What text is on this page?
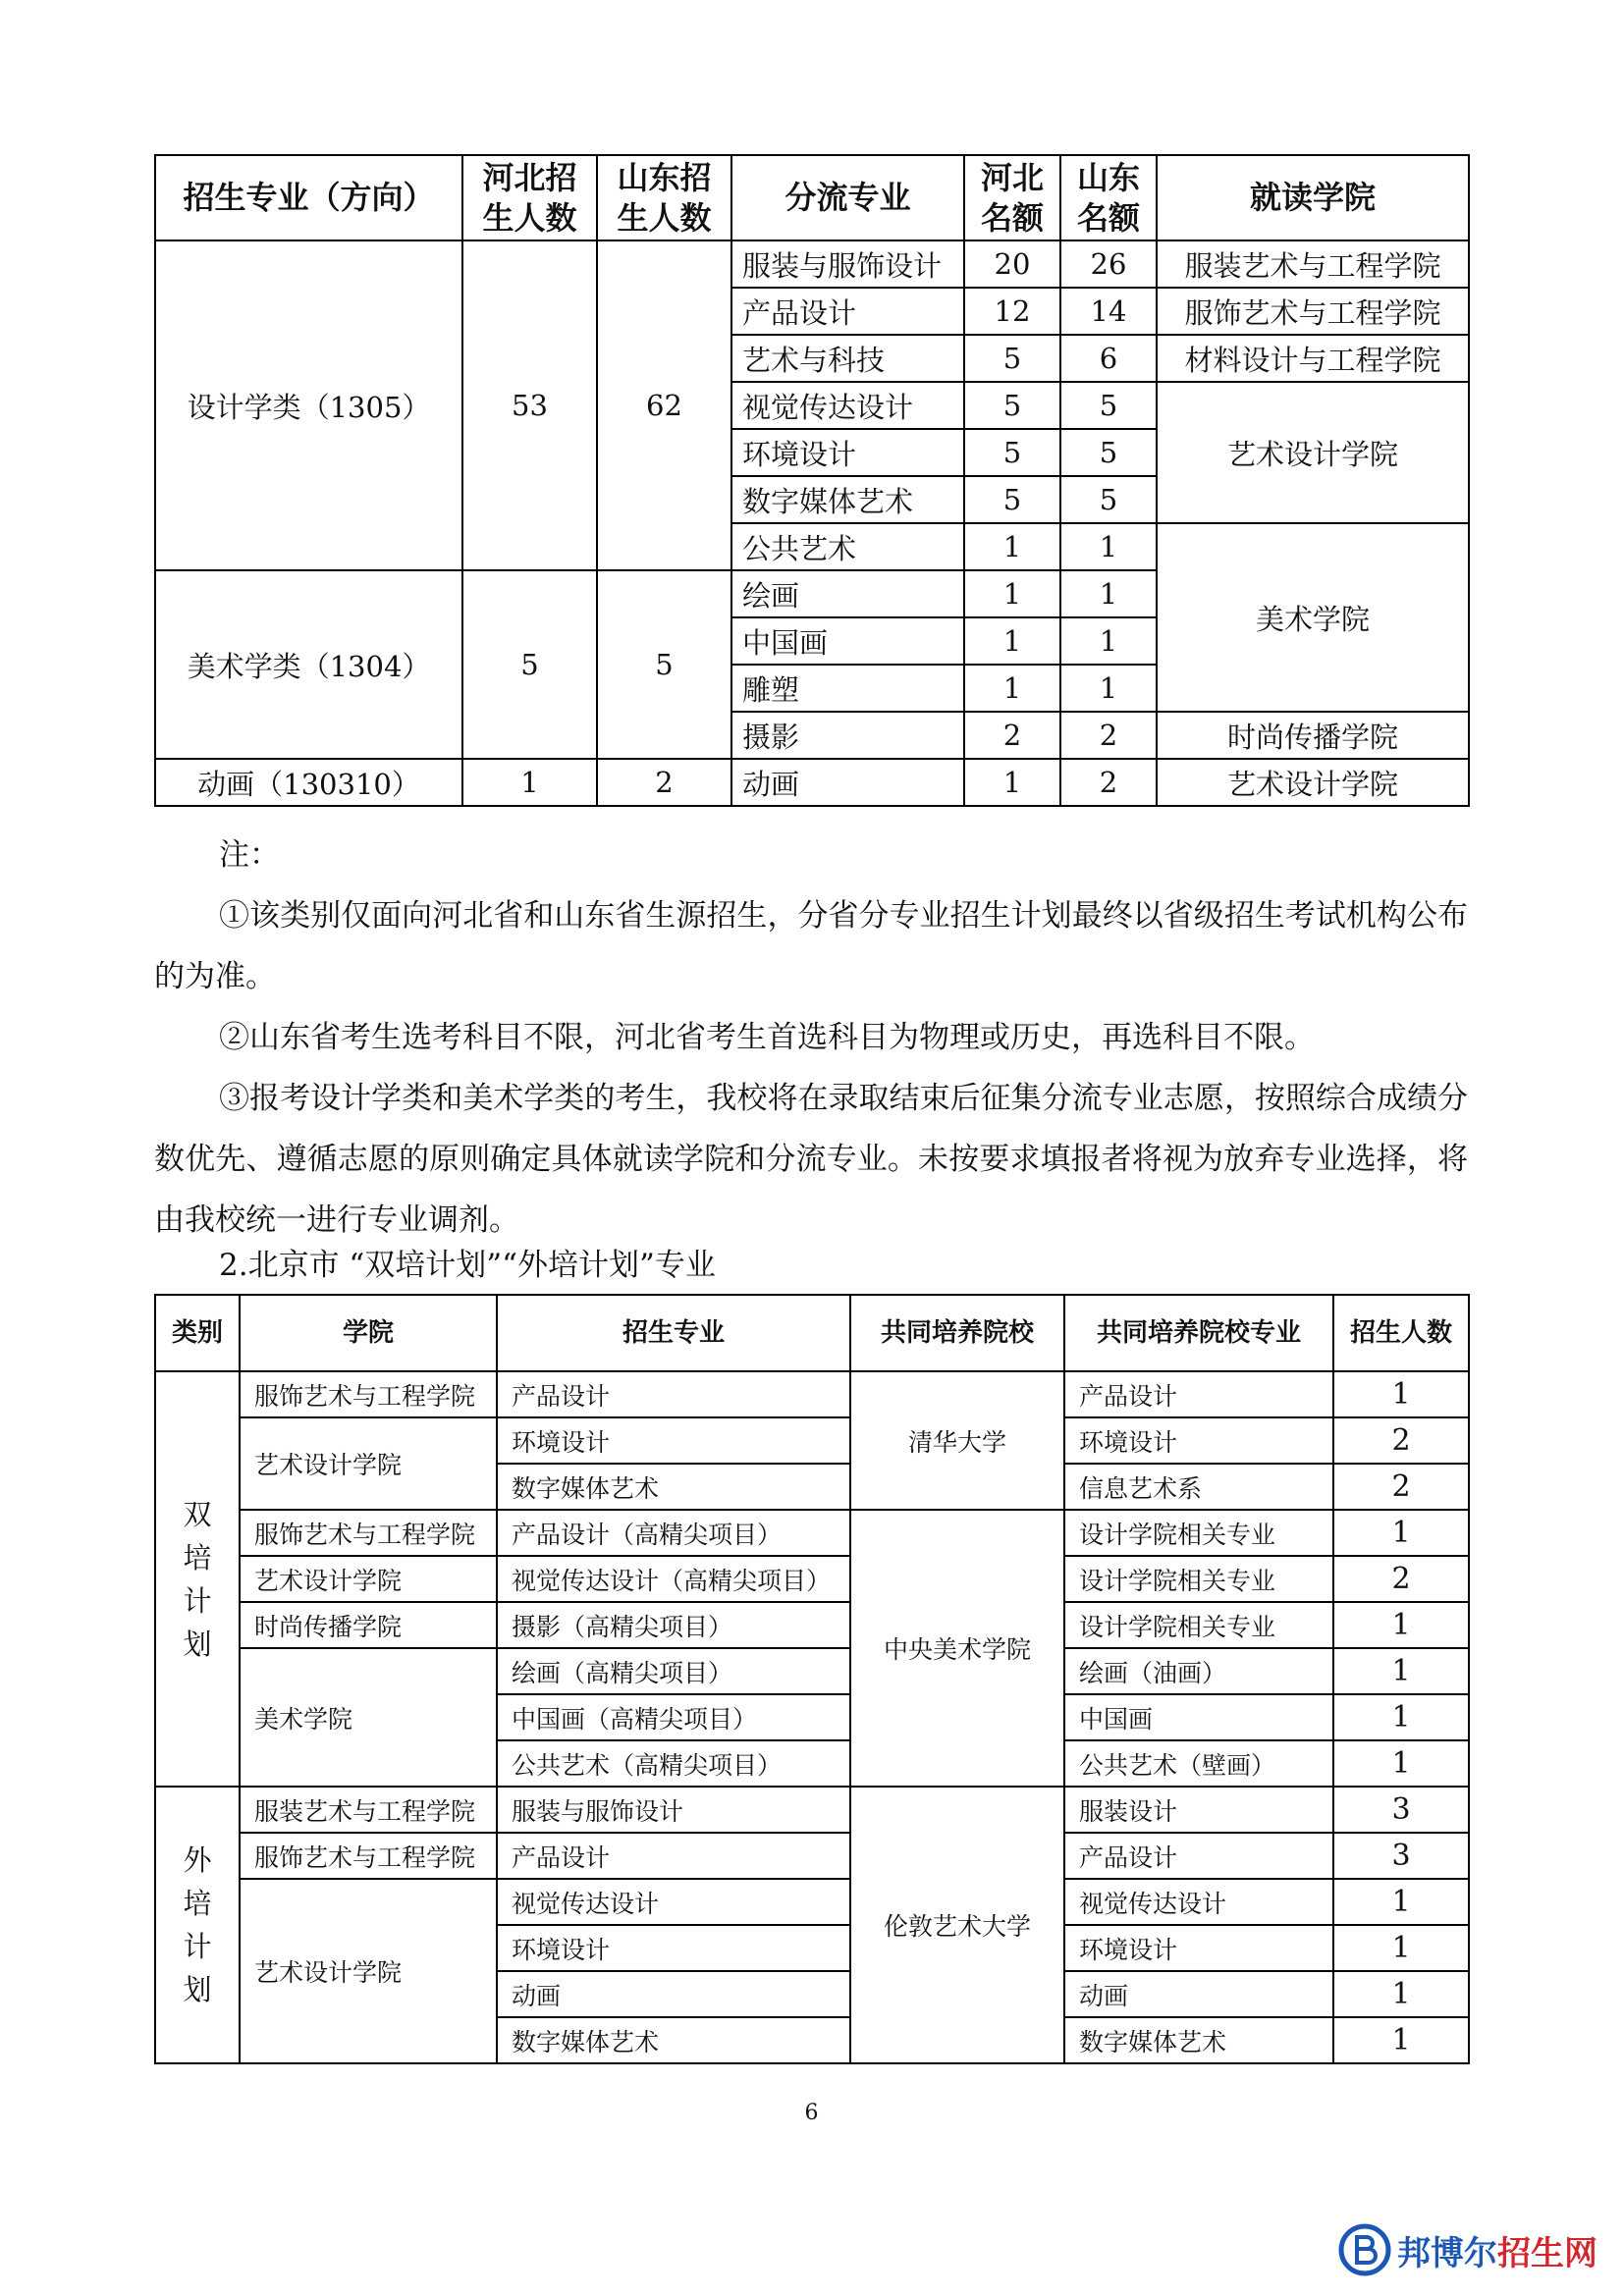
招生专业（方向）	河北招生人数	山东招生人数	分流专业	河北名额	山东名额	就读学院
设计学类（1305）	53	62	服装与服饰设计	20	26	服装艺术与工程学院
			产品设计	12	14	服饰艺术与工程学院
			艺术与科技	5	6	材料设计与工程学院
			视觉传达设计	5	5	艺术设计学院
			环境设计	5	5	
			数字媒体艺术	5	5	
			公共艺术	1	1	美术学院
美术学类（1304）	5	5	绘画	1	1	
			中国画	1	1	
			雕塑	1	1	
			摄影	2	2	时尚传播学院
动画（130310）	1	2	动画	1	2	艺术设计学院
注：
①该类别仅面向河北省和山东省生源招生，分省分专业招生计划最终以省级招生考试机构公布的为准。
②山东省考生选考科目不限，河北省考生首选科目为物理或历史，再选科目不限。
③报考设计学类和美术学类的考生，我校将在录取结束后征集分流专业志愿，按照综合成绩分数优先、遵循志愿的原则确定具体就读学院和分流专业。未按要求填报者将视为放弃专业选择，将由我校统一进行专业调剂。
2.北京市 “双培计划”“外培计划”专业
类别	学院	招生专业	共同培养院校	共同培养院校专业	招生人数
双培计划	服饰艺术与工程学院	产品设计	清华大学	产品设计	1
	艺术设计学院	环境设计		环境设计	2
		数字媒体艺术		信息艺术系	2
	服饰艺术与工程学院	产品设计（高精尖项目）	中央美术学院	设计学院相关专业	1
	艺术设计学院	视觉传达设计（高精尖项目）		设计学院相关专业	2
	时尚传播学院	摄影（高精尖项目）		设计学院相关专业	1
	美术学院	绘画（高精尖项目）		绘画（油画）	1
		中国画（高精尖项目）		中国画	1
		公共艺术（高精尖项目）		公共艺术（壁画）	1
外培计划	服装艺术与工程学院	服装与服饰设计	伦敦艺术大学	服装设计	3
	服饰艺术与工程学院	产品设计		产品设计	3
	艺术设计学院	视觉传达设计		视觉传达设计	1
		环境设计		环境设计	1
		动画		动画	1
		数字媒体艺术		数字媒体艺术	1
6
邦博尔招生网
